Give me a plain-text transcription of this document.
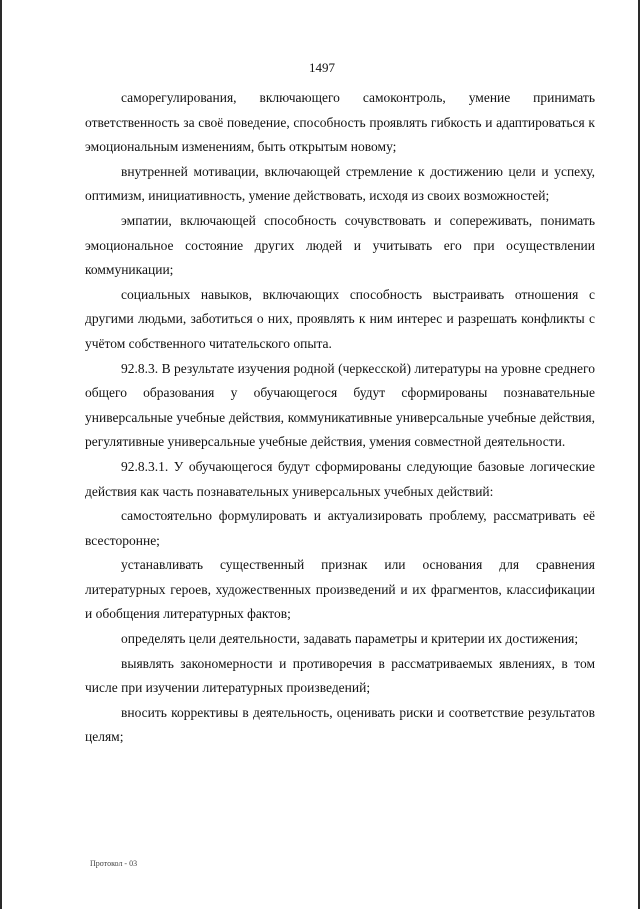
1497

саморегулирования, включающего самоконтроль, умение принимать ответственность за своё поведение, способность проявлять гибкость и адаптироваться к эмоциональным изменениям, быть открытым новому;

внутренней мотивации, включающей стремление к достижению цели и успеху, оптимизм, инициативность, умение действовать, исходя из своих возможностей;

эмпатии, включающей способность сочувствовать и сопереживать, понимать эмоциональное состояние других людей и учитывать его при осуществлении коммуникации;

социальных навыков, включающих способность выстраивать отношения с другими людьми, заботиться о них, проявлять к ним интерес и разрешать конфликты с учётом собственного читательского опыта.

92.8.3. В результате изучения родной (черкесской) литературы на уровне среднего общего образования у обучающегося будут сформированы познавательные универсальные учебные действия, коммуникативные универсальные учебные действия, регулятивные универсальные учебные действия, умения совместной деятельности.

92.8.3.1. У обучающегося будут сформированы следующие базовые логические действия как часть познавательных универсальных учебных действий:

самостоятельно формулировать и актуализировать проблему, рассматривать её всесторонне;

устанавливать существенный признак или основания для сравнения литературных героев, художественных произведений и их фрагментов, классификации и обобщения литературных фактов;

определять цели деятельности, задавать параметры и критерии их достижения;

выявлять закономерности и противоречия в рассматриваемых явлениях, в том числе при изучении литературных произведений;

вносить коррективы в деятельность, оценивать риски и соответствие результатов целям;

Протокол - 03
